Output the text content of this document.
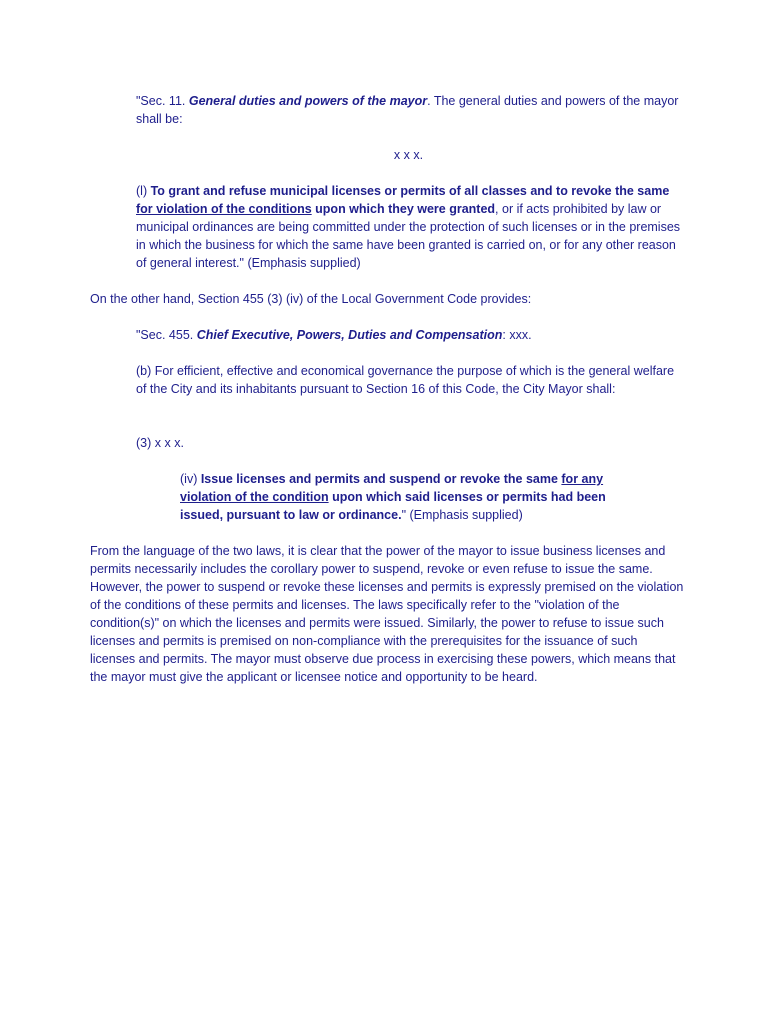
"Sec. 11. General duties and powers of the mayor. The general duties and powers of the mayor shall be:

x x x.

(l) To grant and refuse municipal licenses or permits of all classes and to revoke the same for violation of the conditions upon which they were granted, or if acts prohibited by law or municipal ordinances are being committed under the protection of such licenses or in the premises in which the business for which the same have been granted is carried on, or for any other reason of general interest." (Emphasis supplied)

On the other hand, Section 455 (3) (iv) of the Local Government Code provides:

"Sec. 455. Chief Executive, Powers, Duties and Compensation: xxx.

(b) For efficient, effective and economical governance the purpose of which is the general welfare of the City and its inhabitants pursuant to Section 16 of this Code, the City Mayor shall:

(3) x x x.

(iv) Issue licenses and permits and suspend or revoke the same for any violation of the condition upon which said licenses or permits had been issued, pursuant to law or ordinance." (Emphasis supplied)

From the language of the two laws, it is clear that the power of the mayor to issue business licenses and permits necessarily includes the corollary power to suspend, revoke or even refuse to issue the same. However, the power to suspend or revoke these licenses and permits is expressly premised on the violation of the conditions of these permits and licenses. The laws specifically refer to the "violation of the condition(s)" on which the licenses and permits were issued. Similarly, the power to refuse to issue such licenses and permits is premised on non-compliance with the prerequisites for the issuance of such licenses and permits. The mayor must observe due process in exercising these powers, which means that the mayor must give the applicant or licensee notice and opportunity to be heard.
